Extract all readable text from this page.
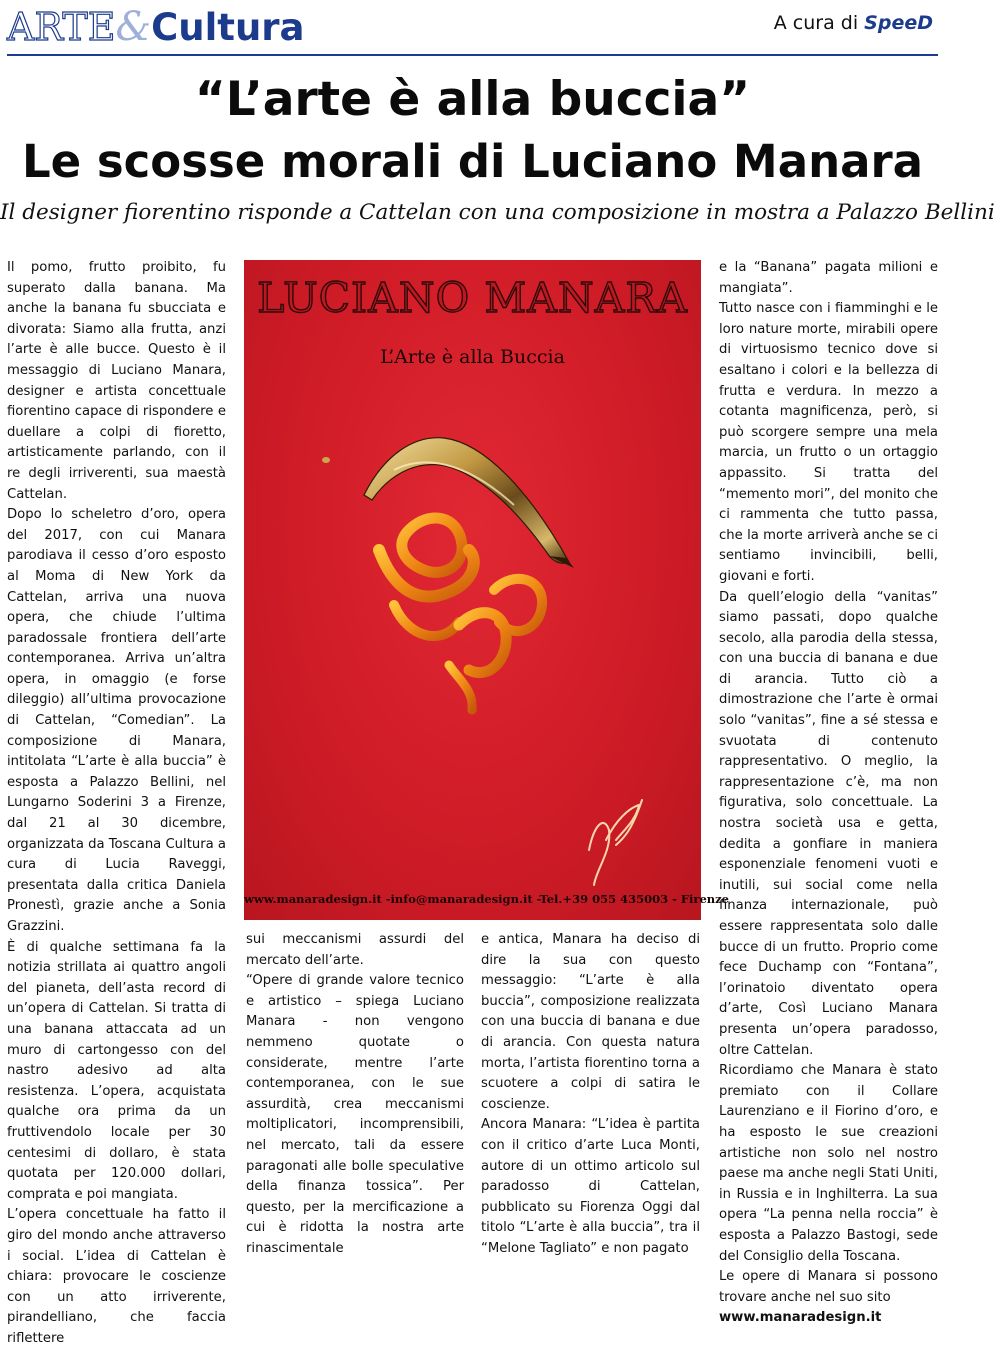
ARTE&Cultura	A cura di SpeeD
“L’arte è alla buccia”
Le scosse morali di Luciano Manara
Il designer fiorentino risponde a Cattelan con una composizione in mostra a Palazzo Bellini

Il pomo, frutto proibito, fu superato dalla banana. Ma anche la banana fu sbucciata e divorata: Siamo alla frutta, anzi l’arte è alle bucce. Questo è il messaggio di Luciano Manara, designer e artista concettuale fiorentino capace di rispondere e duellare a colpi di fioretto, artisticamente parlando, con il re degli irriverenti, sua maestà Cattelan.

Dopo lo scheletro d’oro, opera del 2017, con cui Manara parodiava il cesso d’oro esposto al Moma di New York da Cattelan, arriva una nuova opera, che chiude l’ultima paradossale frontiera dell’arte contemporanea. Arriva un’altra opera, in omaggio (e forse dileggio) all’ultima provocazione di Cattelan, “Comedian”. La composizione di Manara, intitolata “L’arte è alla buccia” è esposta a Palazzo Bellini, nel Lungarno Soderini 3 a Firenze, dal 21 al 30 dicembre, organizzata da Toscana Cultura a cura di Lucia Raveggi, presentata dalla critica Daniela Pronestì, grazie anche a Sonia Grazzini.

È di qualche settimana fa la notizia strillata ai quattro angoli del pianeta, dell’asta record di un’opera di Cattelan. Si tratta di una banana attaccata ad un muro di cartongesso con del nastro adesivo ad alta resistenza. L’opera, acquistata qualche ora prima da un fruttivendolo locale per 30 centesimi di dollaro, è stata quotata per 120.000 dollari, comprata e poi mangiata.

L’opera concettuale ha fatto il giro del mondo anche attraverso i social. L’idea di Cattelan è chiara: provocare le coscienze con un atto irriverente, pirandelliano, che faccia riflettere

LUCIANO MANARA
L’Arte è alla Buccia
www.manaradesign.it -info@manaradesign.it -Tel.+39 055 435003 - Firenze

sui meccanismi assurdi del mercato dell’arte.

“Opere di grande valore tecnico e artistico – spiega Luciano Manara - non vengono nemmeno quotate o considerate, mentre l’arte contemporanea, con le sue assurdità, crea meccanismi moltiplicatori, incomprensibili, nel mercato, tali da essere paragonati alle bolle speculative della finanza tossica”. Per questo, per la mercificazione a cui è ridotta la nostra arte rinascimentale

e antica, Manara ha deciso di dire la sua con questo messaggio: “L’arte è alla buccia”, composizione realizzata con una buccia di banana e due di arancia. Con questa natura morta, l’artista fiorentino torna a scuotere a colpi di satira le coscienze.

Ancora Manara: “L’idea è partita con il critico d’arte Luca Monti, autore di un ottimo articolo sul paradosso di Cattelan, pubblicato su Fiorenza Oggi dal titolo “L’arte è alla buccia”, tra il “Melone Tagliato” e non pagato

e la “Banana” pagata milioni e mangiata”.

Tutto nasce con i fiamminghi e le loro nature morte, mirabili opere di virtuosismo tecnico dove si esaltano i colori e la bellezza di frutta e verdura. In mezzo a cotanta magnificenza, però, si può scorgere sempre una mela marcia, un frutto o un ortaggio appassito. Si tratta del “memento mori”, del monito che ci rammenta che tutto passa, che la morte arriverà anche se ci sentiamo invincibili, belli, giovani e forti.

Da quell’elogio della “vanitas” siamo passati, dopo qualche secolo, alla parodia della stessa, con una buccia di banana e due di arancia. Tutto ciò a dimostrazione che l’arte è ormai solo “vanitas”, fine a sé stessa e svuotata di contenuto rappresentativo. O meglio, la rappresentazione c’è, ma non figurativa, solo concettuale. La nostra società usa e getta, dedita a gonfiare in maniera esponenziale fenomeni vuoti e inutili, sui social come nella finanza internazionale, può essere rappresentata solo dalle bucce di un frutto. Proprio come fece Duchamp con “Fontana”, l’orinatoio diventato opera d’arte, Così Luciano Manara presenta un’opera paradosso, oltre Cattelan.

Ricordiamo che Manara è stato premiato con il Collare Laurenziano e il Fiorino d’oro, e ha esposto le sue creazioni artistiche non solo nel nostro paese ma anche negli Stati Uniti, in Russia e in Inghilterra. La sua opera “La penna nella roccia” è esposta a Palazzo Bastogi, sede del Consiglio della Toscana.

Le opere di Manara si possono trovare anche nel suo sito

www.manaradesign.it
